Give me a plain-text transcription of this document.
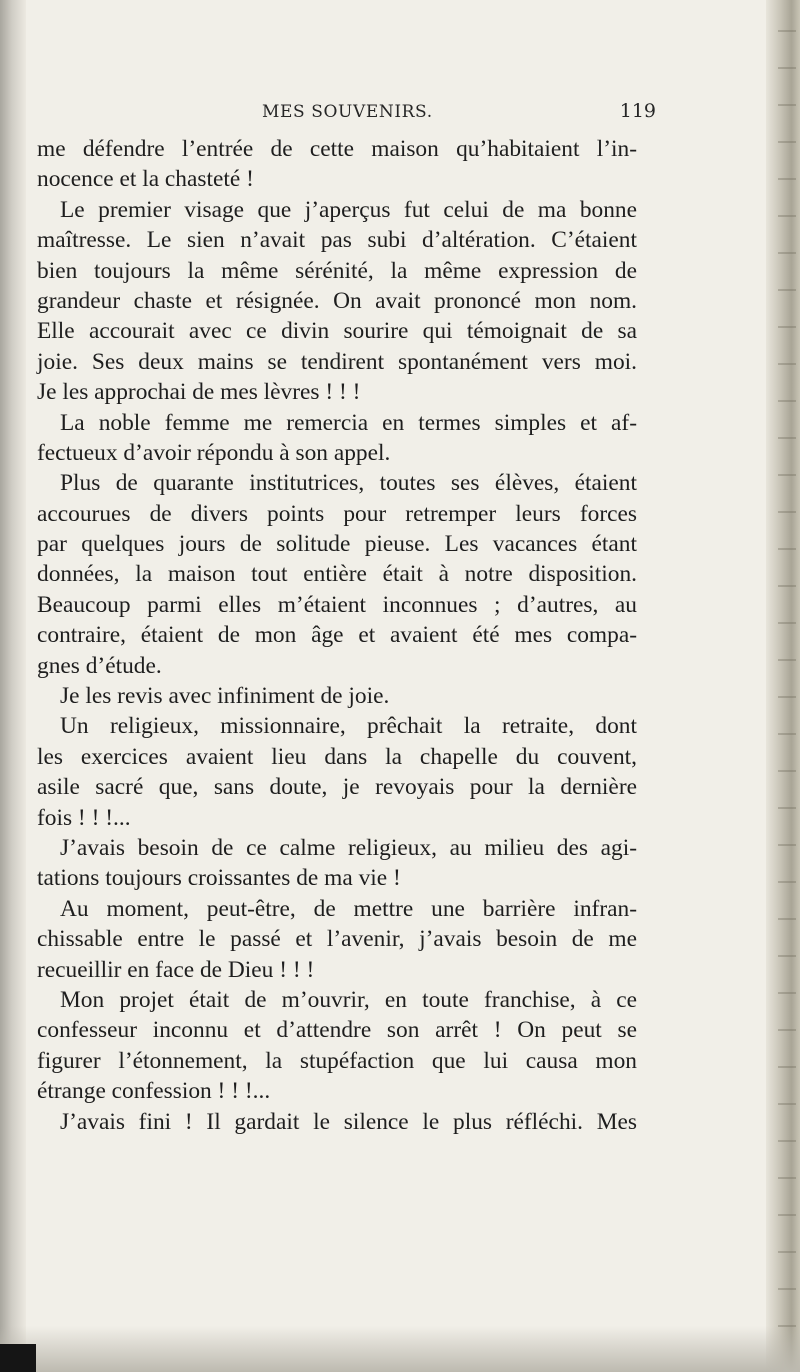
MES SOUVENIRS.	119
me défendre l’entrée de cette maison qu’habitaient l’in-
nocence et la chasteté !
Le premier visage que j’aperçus fut celui de ma bonne
maîtresse. Le sien n’avait pas subi d’altération. C’étaient
bien toujours la même sérénité, la même expression de
grandeur chaste et résignée. On avait prononcé mon nom.
Elle accourait avec ce divin sourire qui témoignait de sa
joie. Ses deux mains se tendirent spontanément vers moi.
Je les approchai de mes lèvres ! ! !
La noble femme me remercia en termes simples et af-
fectueux d’avoir répondu à son appel.
Plus de quarante institutrices, toutes ses élèves, étaient
accourues de divers points pour retremper leurs forces
par quelques jours de solitude pieuse. Les vacances étant
données, la maison tout entière était à notre disposition.
Beaucoup parmi elles m’étaient inconnues ; d’autres, au
contraire, étaient de mon âge et avaient été mes compa-
gnes d’étude.
Je les revis avec infiniment de joie.
Un religieux, missionnaire, prêchait la retraite, dont
les exercices avaient lieu dans la chapelle du couvent,
asile sacré que, sans doute, je revoyais pour la dernière
fois ! ! !...
J’avais besoin de ce calme religieux, au milieu des agi-
tations toujours croissantes de ma vie !
Au moment, peut-être, de mettre une barrière infran-
chissable entre le passé et l’avenir, j’avais besoin de me
recueillir en face de Dieu ! ! !
Mon projet était de m’ouvrir, en toute franchise, à ce
confesseur inconnu et d’attendre son arrêt ! On peut se
figurer l’étonnement, la stupéfaction que lui causa mon
étrange confession ! ! !...
J’avais fini ! Il gardait le silence le plus réfléchi. Mes
